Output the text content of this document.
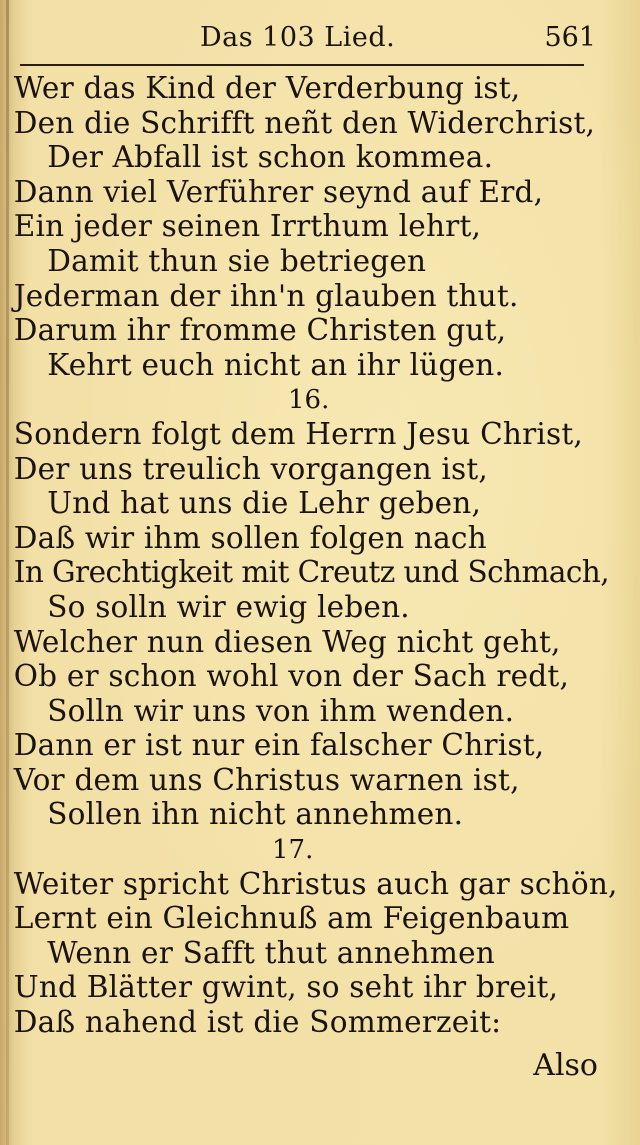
Das 103 Lied.	561
Wer das Kind der Verderbung ist,
Den die Schrifft neñt den Widerchrist,
Der Abfall ist schon kommea.
Dann viel Verführer seynd auf Erd,
Ein jeder seinen Irrthum lehrt,
Damit thun sie betriegen
Jederman der ihn'n glauben thut.
Darum ihr fromme Christen gut,
Kehrt euch nicht an ihr lügen.
16.
Sondern folgt dem Herrn Jesu Christ,
Der uns treulich vorgangen ist,
Und hat uns die Lehr geben,
Daß wir ihm sollen folgen nach
In Grechtigkeit mit Creutz und Schmach,
So solln wir ewig leben.
Welcher nun diesen Weg nicht geht,
Ob er schon wohl von der Sach redt,
Solln wir uns von ihm wenden.
Dann er ist nur ein falscher Christ,
Vor dem uns Christus warnen ist,
Sollen ihn nicht annehmen.
17.
Weiter spricht Christus auch gar schön,
Lernt ein Gleichnuß am Feigenbaum
Wenn er Safft thut annehmen
Und Blätter gwint, so seht ihr breit,
Daß nahend ist die Sommerzeit:
Also
